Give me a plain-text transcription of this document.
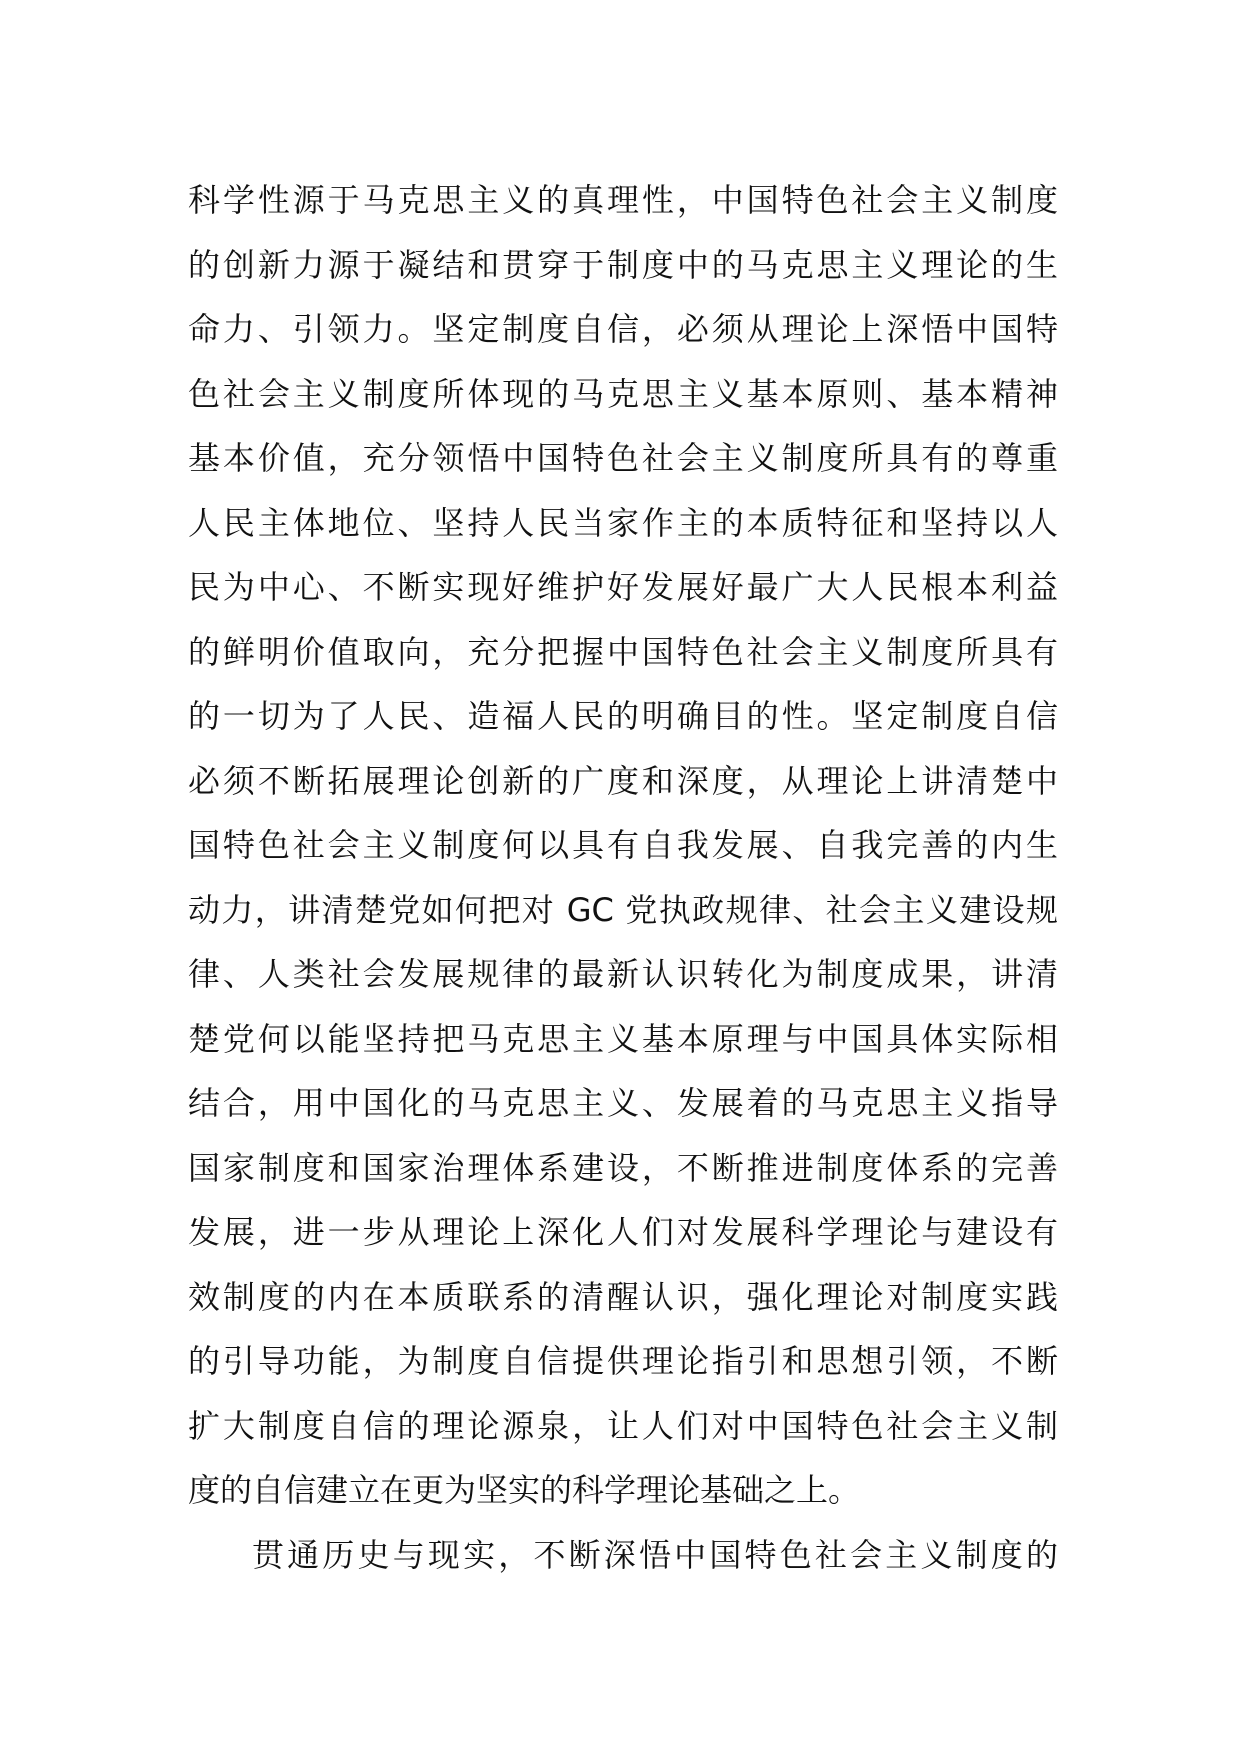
科学性源于马克思主义的真理性，中国特色社会主义制度
的创新力源于凝结和贯穿于制度中的马克思主义理论的生
命力、引领力。坚定制度自信，必须从理论上深悟中国特
色社会主义制度所体现的马克思主义基本原则、基本精神
基本价值，充分领悟中国特色社会主义制度所具有的尊重
人民主体地位、坚持人民当家作主的本质特征和坚持以人
民为中心、不断实现好维护好发展好最广大人民根本利益
的鲜明价值取向，充分把握中国特色社会主义制度所具有
的一切为了人民、造福人民的明确目的性。坚定制度自信
必须不断拓展理论创新的广度和深度，从理论上讲清楚中
国特色社会主义制度何以具有自我发展、自我完善的内生
动力，讲清楚党如何把对 GC 党执政规律、社会主义建设规
律、人类社会发展规律的最新认识转化为制度成果，讲清
楚党何以能坚持把马克思主义基本原理与中国具体实际相
结合，用中国化的马克思主义、发展着的马克思主义指导
国家制度和国家治理体系建设，不断推进制度体系的完善
发展，进一步从理论上深化人们对发展科学理论与建设有
效制度的内在本质联系的清醒认识，强化理论对制度实践
的引导功能，为制度自信提供理论指引和思想引领，不断
扩大制度自信的理论源泉，让人们对中国特色社会主义制
度的自信建立在更为坚实的科学理论基础之上。
贯通历史与现实，不断深悟中国特色社会主义制度的
